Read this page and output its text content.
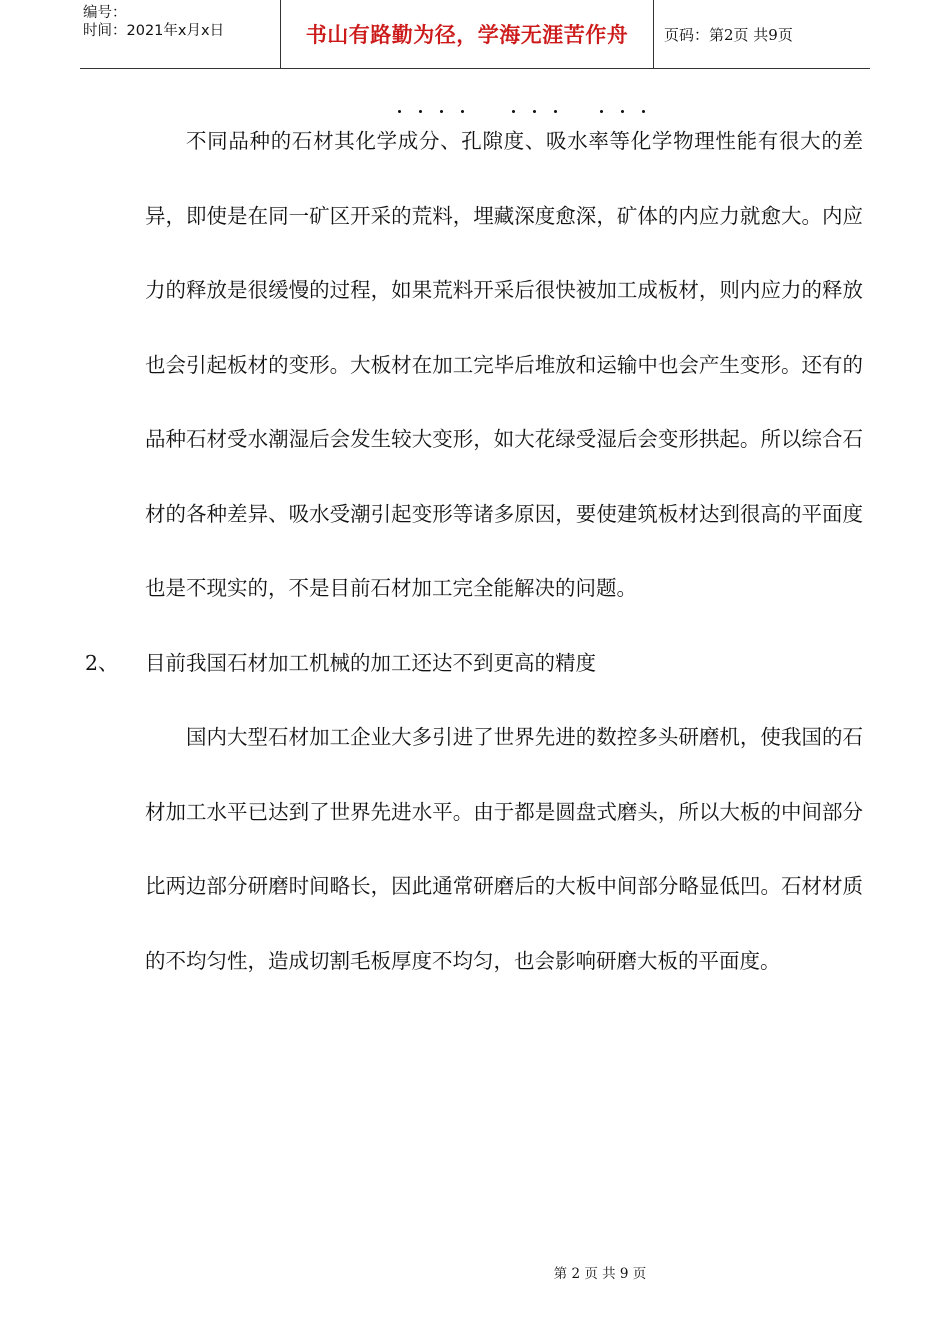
编号：
时间：2021年x月x日	书山有路勤为径，学海无涯苦作舟	页码：第2页 共9页

不同品种的石材其化学成分、孔隙度、吸水率等化学物理性能有很大的差异，即使是在同一矿区开采的荒料，埋藏深度愈深，矿体的内应力就愈大。内应力的释放是很缓慢的过程，如果荒料开采后很快被加工成板材，则内应力的释放也会引起板材的变形。大板材在加工完毕后堆放和运输中也会产生变形。还有的品种石材受水潮湿后会发生较大变形，如大花绿受湿后会变形拱起。所以综合石材的各种差异、吸水受潮引起变形等诸多原因，要使建筑板材达到很高的平面度也是不现实的，不是目前石材加工完全能解决的问题。

2、 目前我国石材加工机械的加工还达不到更高的精度

国内大型石材加工企业大多引进了世界先进的数控多头研磨机，使我国的石材加工水平已达到了世界先进水平。由于都是圆盘式磨头，所以大板的中间部分比两边部分研磨时间略长，因此通常研磨后的大板中间部分略显低凹。石材材质的不均匀性，造成切割毛板厚度不均匀，也会影响研磨大板的平面度。

第 2 页 共 9 页
